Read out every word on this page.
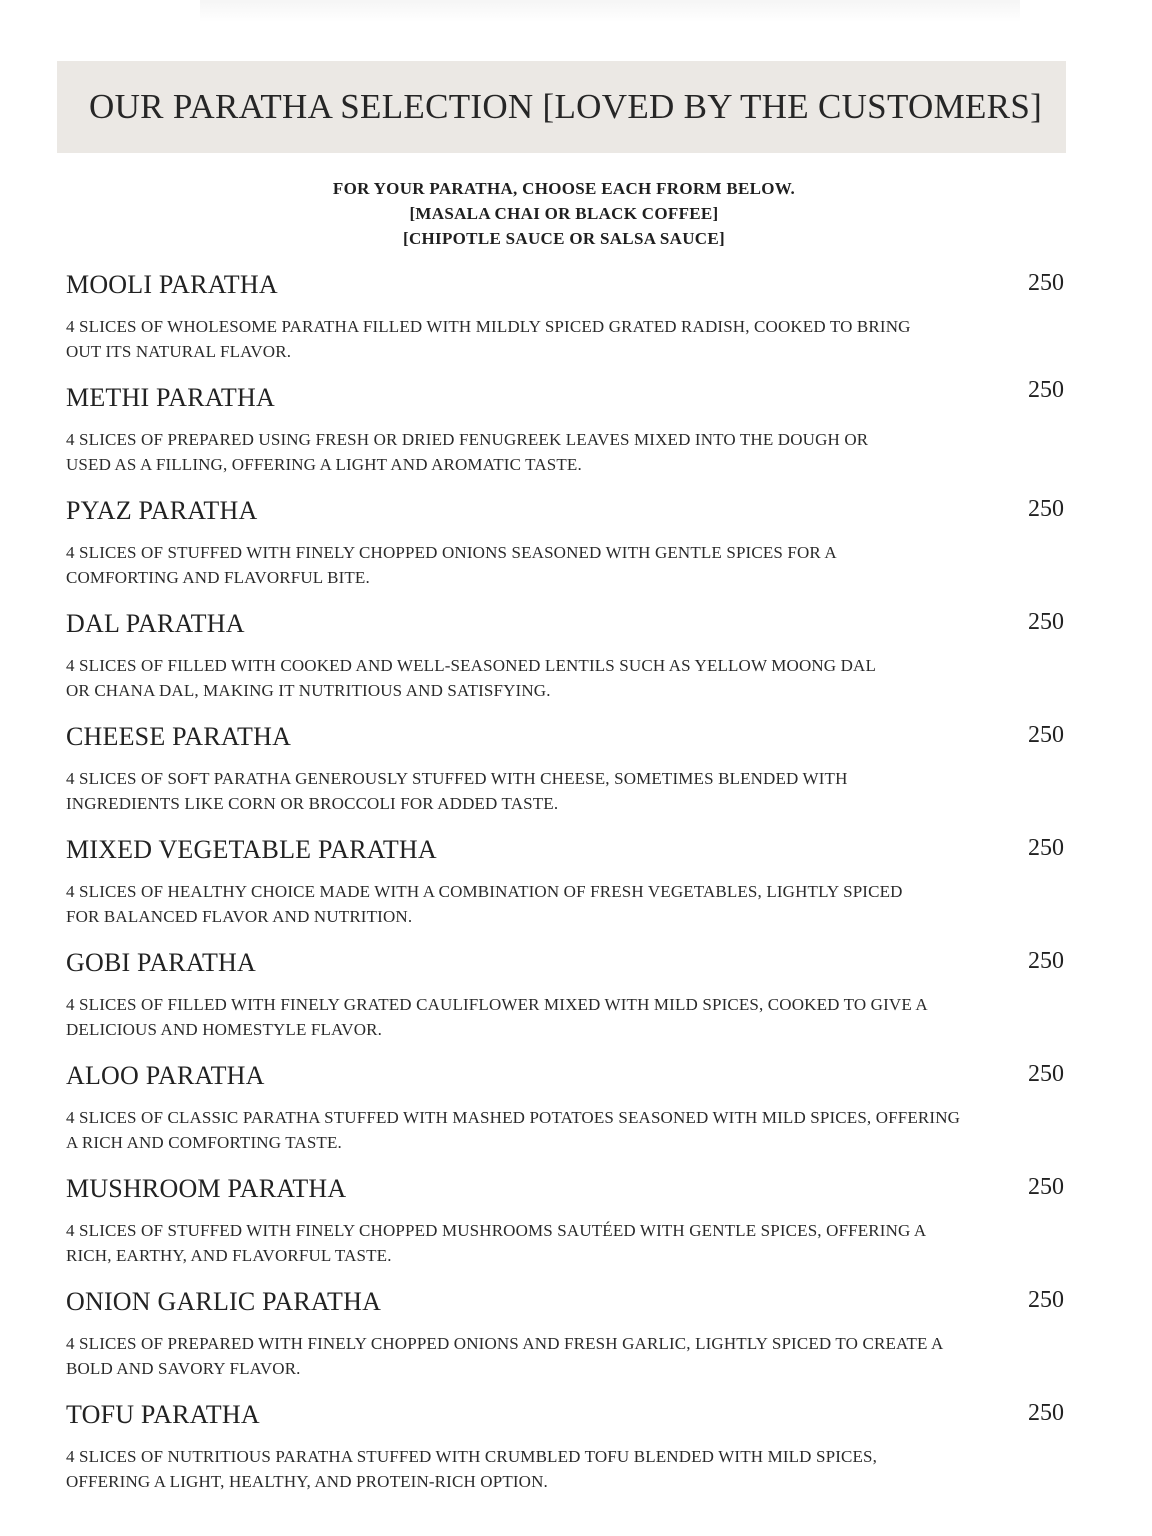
OUR PARATHA SELECTION [LOVED BY THE CUSTOMERS]
FOR YOUR PARATHA, CHOOSE EACH FRORM BELOW.
[MASALA CHAI OR BLACK COFFEE]
[CHIPOTLE SAUCE OR SALSA SAUCE]
MOOLI PARATHA	250
4 SLICES OF WHOLESOME PARATHA FILLED WITH MILDLY SPICED GRATED RADISH, COOKED TO BRING
OUT ITS NATURAL FLAVOR.
METHI PARATHA	250
4 SLICES OF PREPARED USING FRESH OR DRIED FENUGREEK LEAVES MIXED INTO THE DOUGH OR
USED AS A FILLING, OFFERING A LIGHT AND AROMATIC TASTE.
PYAZ PARATHA	250
4 SLICES OF STUFFED WITH FINELY CHOPPED ONIONS SEASONED WITH GENTLE SPICES FOR A
COMFORTING AND FLAVORFUL BITE.
DAL PARATHA	250
4 SLICES OF FILLED WITH COOKED AND WELL-SEASONED LENTILS SUCH AS YELLOW MOONG DAL
OR CHANA DAL, MAKING IT NUTRITIOUS AND SATISFYING.
CHEESE PARATHA	250
4 SLICES OF SOFT PARATHA GENEROUSLY STUFFED WITH CHEESE, SOMETIMES BLENDED WITH
INGREDIENTS LIKE CORN OR BROCCOLI FOR ADDED TASTE.
MIXED VEGETABLE PARATHA	250
4 SLICES OF HEALTHY CHOICE MADE WITH A COMBINATION OF FRESH VEGETABLES, LIGHTLY SPICED
FOR BALANCED FLAVOR AND NUTRITION.
GOBI PARATHA	250
4 SLICES OF FILLED WITH FINELY GRATED CAULIFLOWER MIXED WITH MILD SPICES, COOKED TO GIVE A
DELICIOUS AND HOMESTYLE FLAVOR.
ALOO PARATHA	250
4 SLICES OF CLASSIC PARATHA STUFFED WITH MASHED POTATOES SEASONED WITH MILD SPICES, OFFERING
A RICH AND COMFORTING TASTE.
MUSHROOM PARATHA	250
4 SLICES OF STUFFED WITH FINELY CHOPPED MUSHROOMS SAUTÉED WITH GENTLE SPICES, OFFERING A
RICH, EARTHY, AND FLAVORFUL TASTE.
ONION GARLIC PARATHA	250
4 SLICES OF PREPARED WITH FINELY CHOPPED ONIONS AND FRESH GARLIC, LIGHTLY SPICED TO CREATE A
BOLD AND SAVORY FLAVOR.
TOFU PARATHA	250
4 SLICES OF NUTRITIOUS PARATHA STUFFED WITH CRUMBLED TOFU BLENDED WITH MILD SPICES,
OFFERING A LIGHT, HEALTHY, AND PROTEIN-RICH OPTION.
